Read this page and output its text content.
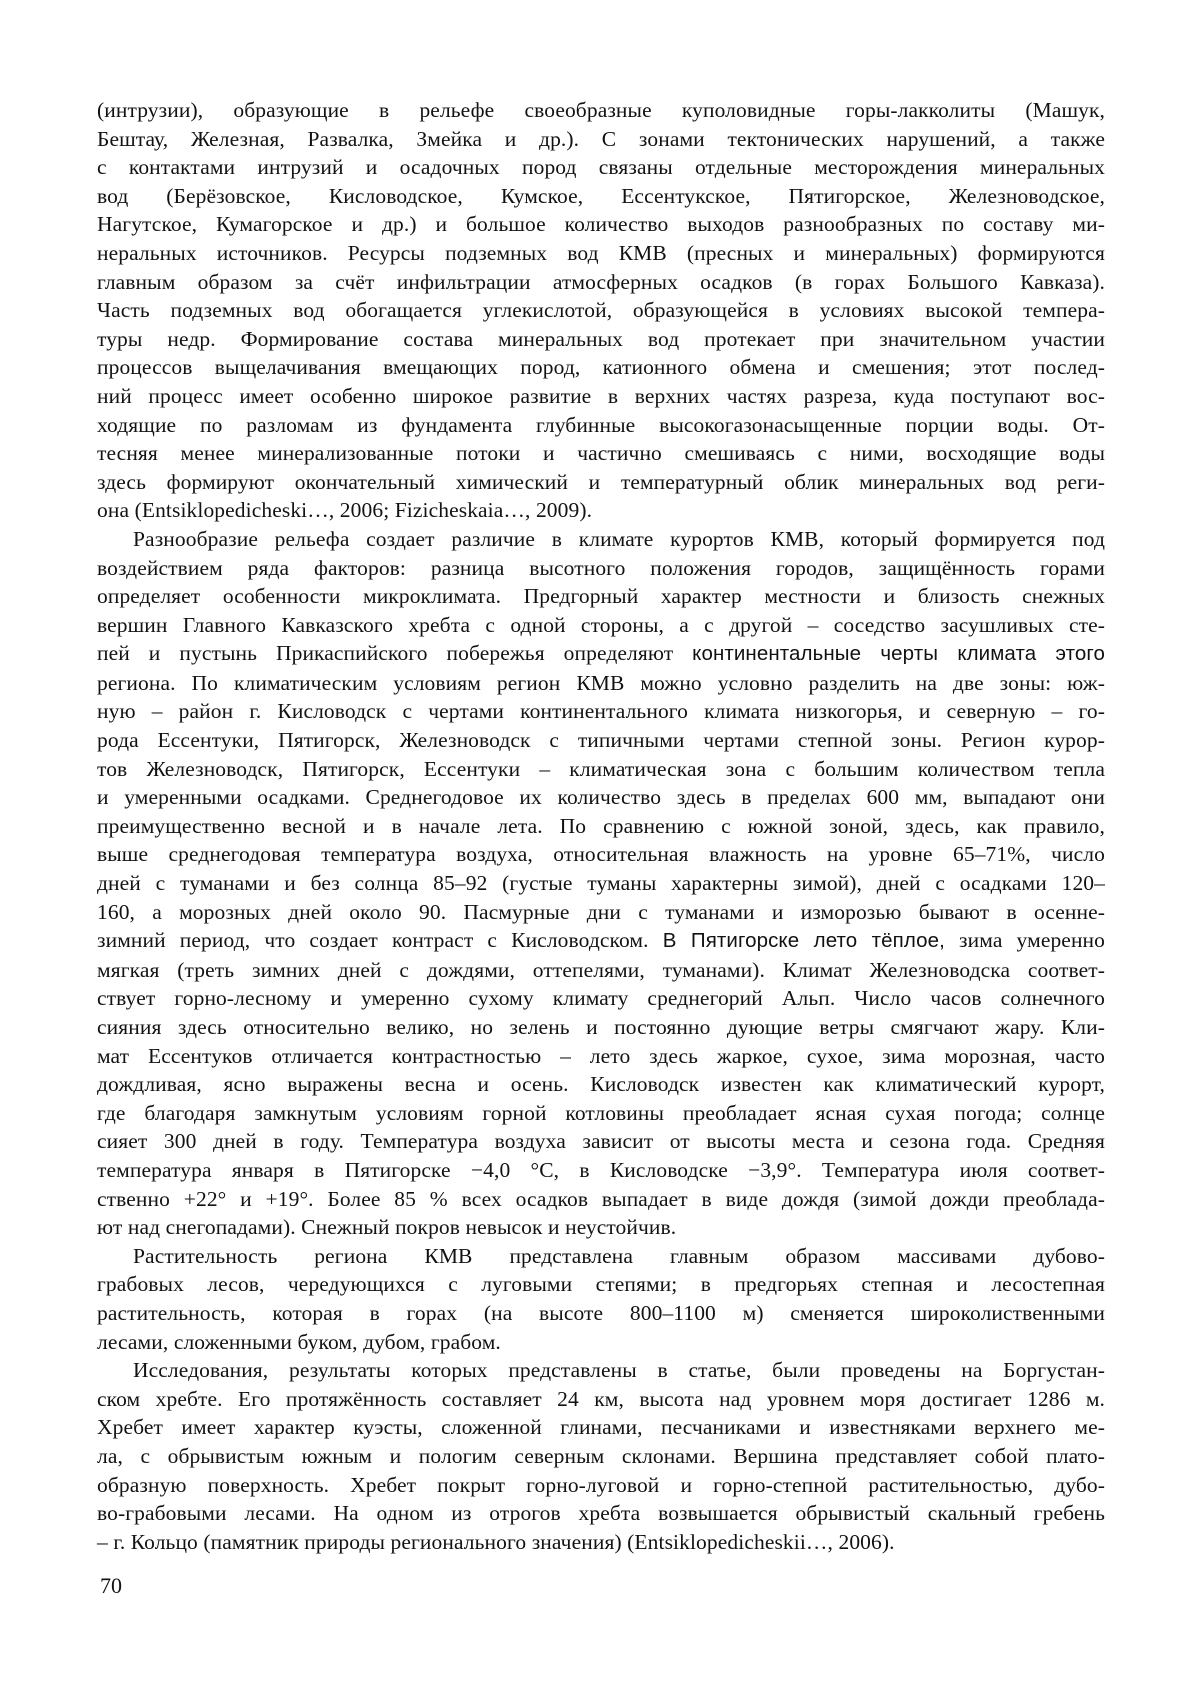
(интрузии), образующие в рельефе своеобразные куполовидные горы-лакколиты (Машук,
Бештау, Железная, Развалка, Змейка и др.). С зонами тектонических нарушений, а также
с контактами интрузий и осадочных пород связаны отдельные месторождения минеральных
вод (Берёзовское, Кисловодское, Кумское, Ессентукское, Пятигорское, Железноводское,
Нагутское, Кумагорское и др.) и большое количество выходов разнообразных по составу ми-
неральных источников. Ресурсы подземных вод КМВ (пресных и минеральных) формируются
главным образом за счёт инфильтрации атмосферных осадков (в горах Большого Кавказа).
Часть подземных вод обогащается углекислотой, образующейся в условиях высокой темпера-
туры недр. Формирование состава минеральных вод протекает при значительном участии
процессов выщелачивания вмещающих пород, катионного обмена и смешения; этот послед-
ний процесс имеет особенно широкое развитие в верхних частях разреза, куда поступают вос-
ходящие по разломам из фундамента глубинные высокогазонасыщенные порции воды. От-
тесняя менее минерализованные потоки и частично смешиваясь с ними, восходящие воды
здесь формируют окончательный химический и температурный облик минеральных вод реги-
она (Entsiklopedicheski…, 2006; Fizicheskaia…, 2009).
Разнообразие рельефа создает различие в климате курортов КМВ, который формируется под
воздействием ряда факторов: разница высотного положения городов, защищённость горами
определяет особенности микроклимата. Предгорный характер местности и близость снежных
вершин Главного Кавказского хребта с одной стороны, а с другой – соседство засушливых сте-
пей и пустынь Прикаспийского побережья определяют континентальные черты климата этого
региона. По климатическим условиям регион КМВ можно условно разделить на две зоны: юж-
ную – район г. Кисловодск с чертами континентального климата низкогорья, и северную – го-
рода Ессентуки, Пятигорск, Железноводск с типичными чертами степной зоны. Регион курор-
тов Железноводск, Пятигорск, Ессентуки – климатическая зона с большим количеством тепла
и умеренными осадками. Среднегодовое их количество здесь в пределах 600 мм, выпадают они
преимущественно весной и в начале лета. По сравнению с южной зоной, здесь, как правило,
выше среднегодовая температура воздуха, относительная влажность на уровне 65–71%, число
дней с туманами и без солнца 85–92 (густые туманы характерны зимой), дней с осадками 120–
160, а морозных дней около 90. Пасмурные дни с туманами и изморозью бывают в осенне-
зимний период, что создает контраст с Кисловодском. В Пятигорске лето тёплое, зима умеренно
мягкая (треть зимних дней с дождями, оттепелями, туманами). Климат Железноводска соответ-
ствует горно-лесному и умеренно сухому климату среднегорий Альп. Число часов солнечного
сияния здесь относительно велико, но зелень и постоянно дующие ветры смягчают жару. Кли-
мат Ессентуков отличается контрастностью – лето здесь жаркое, сухое, зима морозная, часто
дождливая, ясно выражены весна и осень. Кисловодск известен как климатический курорт,
где благодаря замкнутым условиям горной котловины преобладает ясная сухая погода; солнце
сияет 300 дней в году. Температура воздуха зависит от высоты места и сезона года. Средняя
температура января в Пятигорске −4,0 °C, в Кисловодске −3,9°. Температура июля соответ-
ственно +22° и +19°. Более 85 % всех осадков выпадает в виде дождя (зимой дожди преоблада-
ют над снегопадами). Снежный покров невысок и неустойчив.
Растительность региона КМВ представлена главным образом массивами дубово-
грабовых лесов, чередующихся с луговыми степями; в предгорьях степная и лесостепная
растительность, которая в горах (на высоте 800–1100 м) сменяется широколиственными
лесами, сложенными буком, дубом, грабом.
Исследования, результаты которых представлены в статье, были проведены на Боргустан-
ском хребте. Его протяжённость составляет 24 км, высота над уровнем моря достигает 1286 м.
Хребет имеет характер куэсты, сложенной глинами, песчаниками и известняками верхнего ме-
ла, с обрывистым южным и пологим северным склонами. Вершина представляет собой плато-
образную поверхность. Хребет покрыт горно-луговой и горно-степной растительностью, дубо-
во-грабовыми лесами. На одном из отрогов хребта возвышается обрывистый скальный гребень
– г. Кольцо (памятник природы регионального значения) (Entsiklopedicheskii…, 2006).
70
